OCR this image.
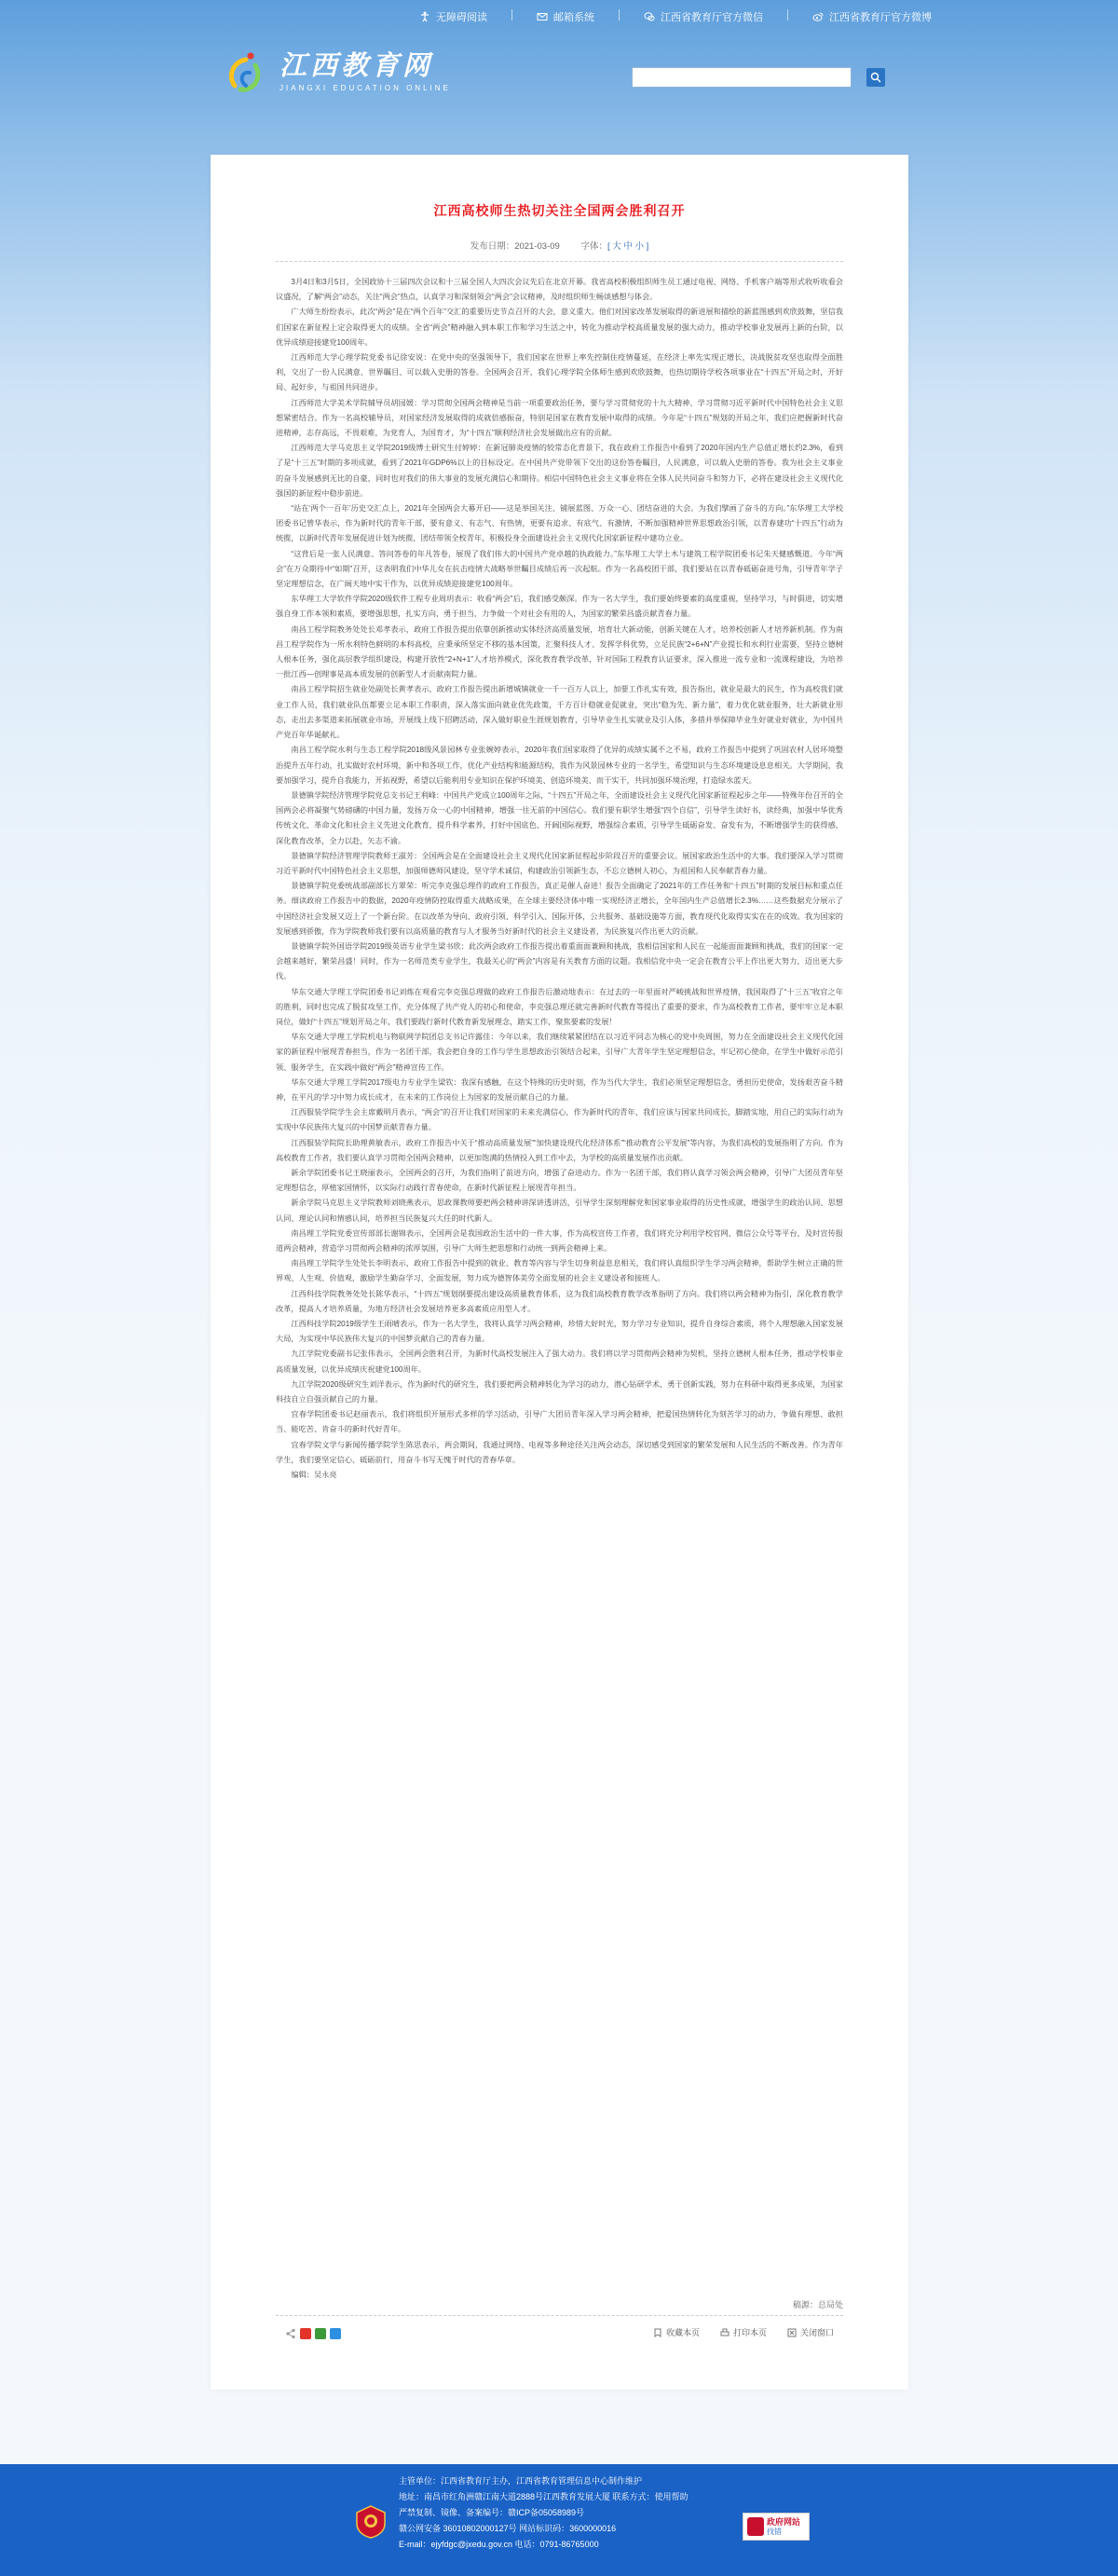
无障碍阅读	邮箱系统	江西省教育厅官方微信	江西省教育厅官方微博
江西教育网
JIANGXI EDUCATION ONLINE
江西高校师生热切关注全国两会胜利召开
发布日期：2021-03-09 字体：[ 大 中 小 ]

3月4日和3月5日，全国政协十三届四次会议和十三届全国人大四次会议先后在北京开幕。我省高校积极组织师生员工通过电视、网络、手机客户端等形式收听收看会议盛况，了解“两会”动态，关注“两会”热点，认真学习和深刻领会“两会”会议精神，及时组织师生畅谈感想与体会。

广大师生纷纷表示，此次“两会”是在“两个百年”交汇的重要历史节点召开的大会，意义重大。他们对国家改革发展取得的新进展和描绘的新蓝图感到欢欣鼓舞，坚信我们国家在新征程上定会取得更大的成绩。全省“两会”精神融入到本职工作和学习生活之中，转化为推动学校高质量发展的强大动力，推动学校事业发展再上新的台阶，以优异成绩迎接建党100周年。

江西师范大学心理学院党委书记徐安说：在党中央的坚强领导下，我们国家在世界上率先控制住疫情蔓延，在经济上率先实现正增长，决战脱贫攻坚也取得全面胜利，交出了一份人民满意、世界瞩目、可以载入史册的答卷。全国两会召开，我们心理学院全体师生感到欢欣鼓舞，也热切期待学校各项事业在“十四五”开局之时，开好局、起好步，与祖国共同进步。

江西师范大学美术学院辅导员胡园媛：学习贯彻全国两会精神是当前一项重要政治任务，要与学习贯彻党的十九大精神、学习贯彻习近平新时代中国特色社会主义思想紧密结合。作为一名高校辅导员，对国家经济发展取得的成就倍感振奋，特别是国家在教育发展中取得的成绩。今年是“十四五”规划的开局之年，我们应把握新时代奋进精神，志存高远，不畏艰难，为党育人，为国育才，为“十四五”顺利经济社会发展做出应有的贡献。

江西师范大学马克思主义学院2019级博士研究生付婷婷：在新冠肺炎疫情的较常态化背景下，我在政府工作报告中看到了2020年国内生产总值正增长约2.3%，看到了是“十三五”时期的多项成就，看到了2021年GDP6%以上的目标设定。在中国共产党带领下交出的这份答卷瞩目，人民满意，可以载入史册的答卷。我为社会主义事业的奋斗发展感到无比的自豪，同时也对我们的伟大事业的发展充满信心和期待。相信中国特色社会主义事业将在全体人民共同奋斗和努力下，必将在建设社会主义现代化强国的新征程中稳步前进。

“站在‘两个一百年’历史交汇点上，2021年全国两会大幕开启——这是举国关注、铺展蓝图、万众一心、团结奋进的大会。为我们擘画了奋斗的方向。”东华理工大学校团委书记曾华表示，作为新时代的青年干部，要有意义、有志气、有热情，更要有追求、有底气、有激情，不断加强精神世界思想政治引领，以青春建功“十四五”行动为统揽，以新时代青年发展促进计划为统揽，团结带领全校青年，积极投身全面建设社会主义现代化国家新征程中建功立业。

“这背后是一张人民满意、答问答卷的年凡答卷，展现了我们伟大的中国共产党卓越的执政能力。”东华理工大学土木与建筑工程学院团委书记朱天健感慨道。今年“两会”在万众期待中“如期”召开，这表明我们中华儿女在抗击疫情大战略举世瞩目成绩后再一次起航。作为一名高校团干部，我们要站在以青春砥砺奋进号角，引导青年学子坚定理想信念，在广阔天地中实干作为，以优异成绩迎接建党100周年。

东华理工大学软件学院2020级软件工程专业周玥表示：收看“两会”后，我们感受颇深。作为一名大学生，我们要始终要素的高度重视，坚持学习，与时俱进，切实增强自身工作本领和素质，要增强思想，扎实方向，勇于担当，力争做一个对社会有用的人，为国家的繁荣昌盛贡献青春力量。

南昌工程学院教务处处长邓孝表示，政府工作报告提出依靠创新推动实体经济高质量发展，培育壮大新动能，创新关键在人才，培养校创新人才培养新机制。作为南昌工程学院作为一所水利特色鲜明的本科高校，应秉承所坚定不移的基本国策，汇聚科技人才、发挥学科优势，立足民族“2+6+N”产业提长和水利行业需要，坚持立德树人根本任务，强化高层教学组织建设，构建开放性“2+N+1”人才培养模式，深化教育教学改革，针对国际工程教育认证要求，深入推进一流专业和一流课程建设，为培养一批江西—创理事是高本质发展的创新型人才贡献南院力量。

南昌工程学院招生就业处副处长黄孝表示，政府工作报告提出新增城镇就业一千一百万人以上，加要工作扎实有效，报告指出，就业是最大的民生，作为高校我们就业工作人员，我们就业队伍都要立足本职工作职责，深入落实面向就业优先政策，千方百计稳就业促就业，突出“稳为先、新力量”，着力优化就业服务，壮大新就业形态，走出去多渠道来拓展就业市场，开展线上线下招聘活动，深入做好职业生涯规划教育，引导毕业生扎实就业及引入体，多措并举保障毕业生好就业好就业，为中国共产党百年华诞献礼。

南昌工程学院水利与生态工程学院2018级风景园林专业张婉婷表示，2020年我们国家取得了优异的成绩实属不之不易，政府工作报告中提到了巩固农村人居环境整治提升五年行动，扎实做好农村环境，新中和各项工作，优化产业结构和能源结构，我作为风景园林专业的一名学生，希望知识与生态环境建设息息相关。大学期间，我要加强学习，提升自我能力，开拓视野，希望以后能利用专业知识在保护环境美、创造环境美、而干实干，共同加强环境治理，打造绿水蓝天。

景德镇学院经济管理学院党总支书记王利峰：中国共产党成立100周年之际，“十四五”开局之年，全面建设社会主义现代化国家新征程起步之年——特殊年份召开的全国两会必将凝聚气势磅礴的中国力量，发扬万众一心的中国精神，增强一往无前的中国信心。我们要有职学生增强“四个自信”，引导学生读好书，读经典，加强中华优秀传统文化、革命文化和社会主义先进文化教育，提升科学素养，打好中国底色、开阔国际视野，增强综合素质，引导学生砥砺奋发、奋发有为，不断增强学生的获得感，深化教育改革，全力以赴，矢志不渝。

景德镇学院经济管理学院教师王淑芳：全国两会是在全面建设社会主义现代化国家新征程起步阶段召开的重要会议。展国家政治生活中的大事。我们要深入学习贯彻习近平新时代中国特色社会主义思想，加强师德师风建设，坚守学术诚信，构建政治引领新生态，不忘立德树人初心，为祖国和人民奉献青春力量。

景德镇学院党委统战部副部长方翠荣：听完李克强总理作的政府工作报告，真正是催人奋进！报告全面确定了2021年的工作任务和“十四五”时期的发展目标和重点任务。细读政府工作报告中的数据，2020年疫情防控取得重大战略成果，在全球主要经济体中唯一实现经济正增长，全年国内生产总值增长2.3%……这些数据充分展示了中国经济社会发展又迈上了一个新台阶。在以改革为导向、政府引领、科学引入、国际开体，公共服务、基础设施等方面，教育现代化取得实实在在的成效。我为国家的发展感到骄傲，作为学院教师我们要有以高质量的教育与人才服务当好新时代的社会主义建设者，为民族复兴作出更大的贡献。

景德镇学院外国语学院2019级英语专业学生梁书欣：此次两会政府工作报告提出着重面面兼顾和挑战，我相信国家和人民在一起能面面兼顾和挑战，我们的国家一定会越来越好，繁荣昌盛！同时，作为一名师范类专业学生，我最关心的“两会”内容是有关教育方面的议题。我相信党中央一定会在教育公平上作出更大努力，迈出更大步伐。

华东交通大学理工学院团委书记刘炼在观看完李克强总理做的政府工作报告后激动地表示：在过去的一年里面对严峻挑战和世界疫情，我国取得了“十三五”收官之年的胜利，同时也完成了脱贫攻坚工作，充分体现了共产党人的初心和使命，李克强总理还就完善新时代教育等提出了重要的要求，作为高校教育工作者，要牢牢立足本职岗位，做好“十四五”规划开局之年，我们要践行新时代教育新发展理念，踏实工作，聚焦要素的发展！

华东交通大学理工学院机电与物联网学院团总支书记许露佳：今年以来，我们继续紧紧团结在以习近平同志为核心的党中央周围，努力在全面建设社会主义现代化国家的新征程中展现青春担当，作为一名团干部，我会把自身的工作与学生思想政治引领结合起来，引导广大青年学生坚定理想信念，牢记初心使命，在学生中做好示范引领、服务学生，在实践中做好“两会”精神宣传工作。

华东交通大学理工学院2017级电力专业学生梁钦：我深有感触，在这个特殊的历史时刻，作为当代大学生，我们必须坚定理想信念，勇担历史使命，发扬艰苦奋斗精神，在平凡的学习中努力成长成才，在未来的工作岗位上为国家的发展贡献自己的力量。

江西服装学院学生会主席戴明月表示，“两会”的召开让我们对国家的未来充满信心，作为新时代的青年，我们应该与国家共同成长，脚踏实地，用自己的实际行动为实现中华民族伟大复兴的中国梦贡献青春力量。

江西服装学院院长助理黄敏表示，政府工作报告中关于“推动高质量发展”“加快建设现代化经济体系”“推动教育公平发展”等内容，为我们高校的发展指明了方向。作为高校教育工作者，我们要认真学习贯彻全国两会精神，以更加饱满的热情投入到工作中去，为学校的高质量发展作出贡献。

新余学院团委书记王晓丽表示，全国两会的召开，为我们指明了前进方向，增强了奋进动力。作为一名团干部，我们将认真学习领会两会精神，引导广大团员青年坚定理想信念，厚植家国情怀，以实际行动践行青春使命，在新时代新征程上展现青年担当。

新余学院马克思主义学院教师刘晓燕表示，思政课教师要把两会精神讲深讲透讲活，引导学生深刻理解党和国家事业取得的历史性成就，增强学生的政治认同、思想认同、理论认同和情感认同，培养担当民族复兴大任的时代新人。

南昌理工学院党委宣传部部长谢锦表示，全国两会是我国政治生活中的一件大事，作为高校宣传工作者，我们将充分利用学校官网、微信公众号等平台，及时宣传报道两会精神，营造学习贯彻两会精神的浓厚氛围，引导广大师生把思想和行动统一到两会精神上来。

南昌理工学院学生处处长李明表示，政府工作报告中提到的就业、教育等内容与学生切身利益息息相关，我们将认真组织学生学习两会精神，帮助学生树立正确的世界观、人生观、价值观，激励学生勤奋学习、全面发展，努力成为德智体美劳全面发展的社会主义建设者和接班人。

江西科技学院教务处处长陈华表示，“十四五”规划纲要提出建设高质量教育体系，这为我们高校教育教学改革指明了方向。我们将以两会精神为指引，深化教育教学改革，提高人才培养质量，为地方经济社会发展培养更多高素质应用型人才。

江西科技学院2019级学生王雨晴表示，作为一名大学生，我将认真学习两会精神，珍惜大好时光，努力学习专业知识，提升自身综合素质，将个人理想融入国家发展大局，为实现中华民族伟大复兴的中国梦贡献自己的青春力量。

九江学院党委副书记张伟表示，全国两会胜利召开，为新时代高校发展注入了强大动力。我们将以学习贯彻两会精神为契机，坚持立德树人根本任务，推动学校事业高质量发展，以优异成绩庆祝建党100周年。

九江学院2020级研究生刘洋表示，作为新时代的研究生，我们要把两会精神转化为学习的动力，潜心钻研学术，勇于创新实践，努力在科研中取得更多成果，为国家科技自立自强贡献自己的力量。

宜春学院团委书记赵丽表示，我们将组织开展形式多样的学习活动，引导广大团员青年深入学习两会精神，把爱国热情转化为刻苦学习的动力，争做有理想、敢担当、能吃苦、肯奋斗的新时代好青年。

宜春学院文学与新闻传播学院学生陈思表示，两会期间，我通过网络、电视等多种途径关注两会动态，深切感受到国家的繁荣发展和人民生活的不断改善。作为青年学生，我们要坚定信心、砥砺前行，用奋斗书写无愧于时代的青春华章。

编辑：吴永亮

稿源：总局处
收藏本页	打印本页	关闭窗口
主管单位：江西省教育厅主办，江西省教育管理信息中心制作维护
地址：南昌市红角洲赣江南大道2888号江西教育发展大厦 联系方式：使用帮助
严禁复制、镜像、备案编号：赣ICP备05058989号
赣公网安备 36010802000127号 网站标识码：3600000016
E-mail：ejyfdgc@jxedu.gov.cn 电话：0791-86765000
政府网站
找错
